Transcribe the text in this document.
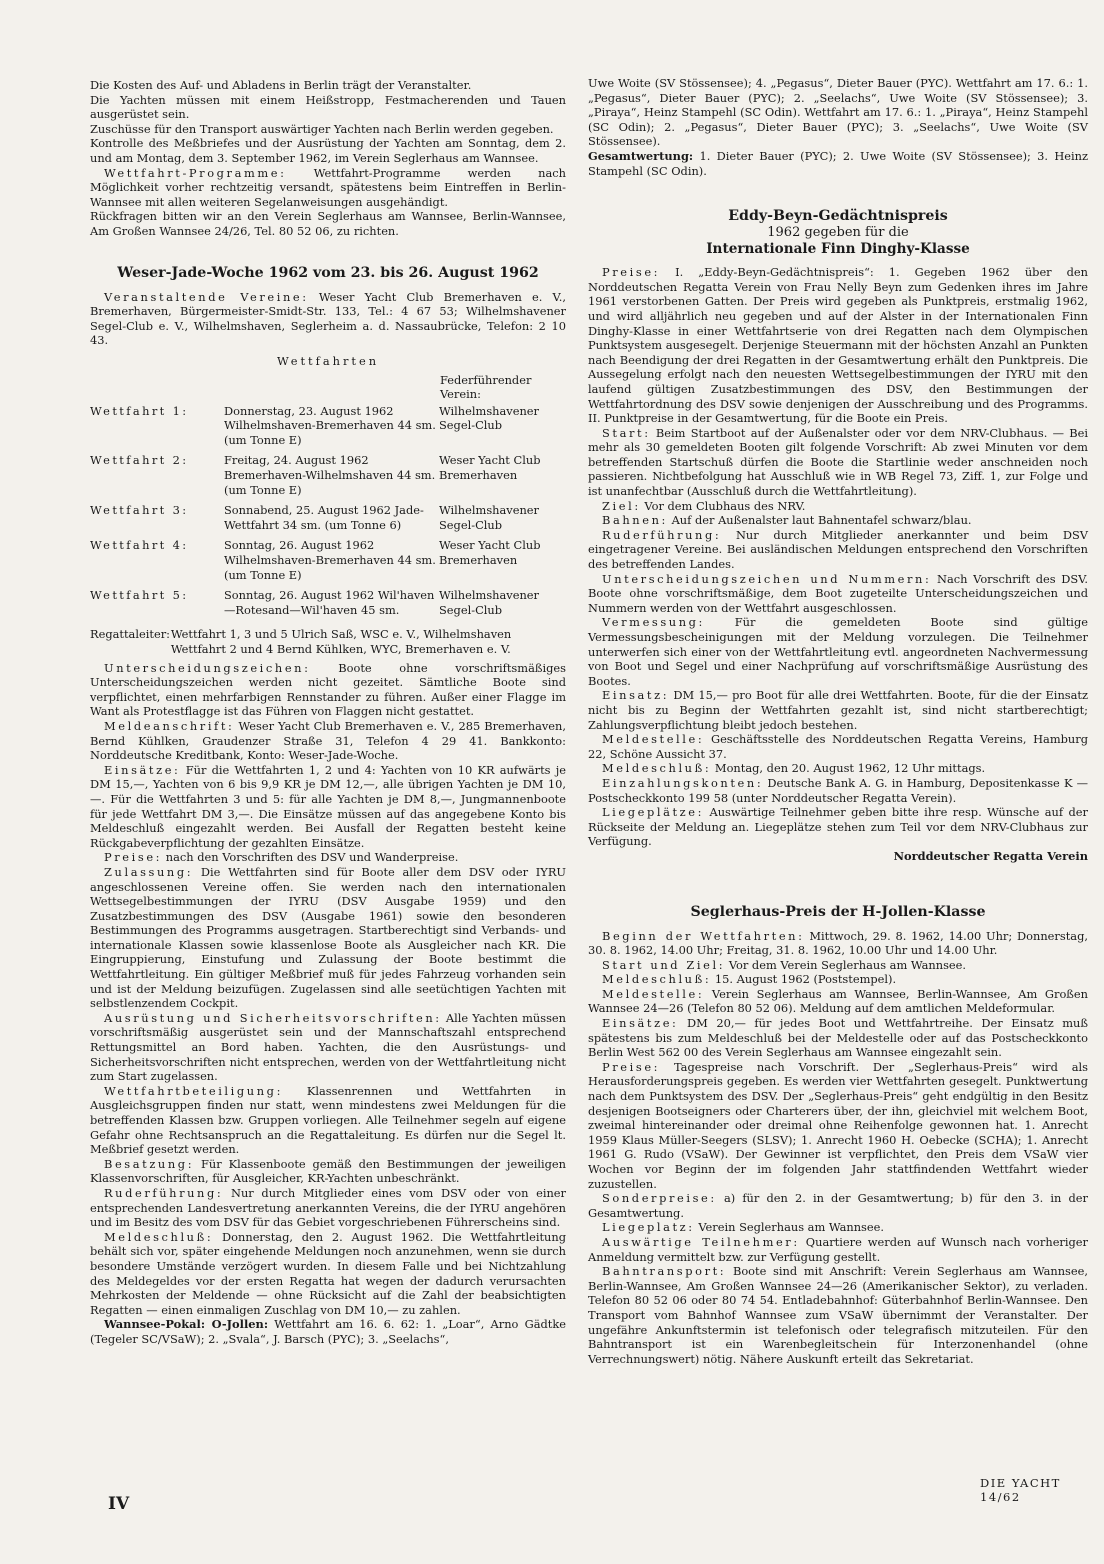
Die Kosten des Auf- und Abladens in Berlin trägt der Veranstalter.

Die Yachten müssen mit einem Heißstropp, Festmacherenden und Tauen ausgerüstet sein.

Zuschüsse für den Transport auswärtiger Yachten nach Berlin werden gegeben.

Kontrolle des Meßbriefes und der Ausrüstung der Yachten am Sonntag, dem 2. und am Montag, dem 3. September 1962, im Verein Seglerhaus am Wannsee.

Wettfahrt-Programme: Wettfahrt-Programme werden nach Möglichkeit vorher rechtzeitig versandt, spätestens beim Eintreffen in Berlin-Wannsee mit allen weiteren Segelanweisungen ausgehändigt.

Rückfragen bitten wir an den Verein Seglerhaus am Wannsee, Berlin-Wannsee, Am Großen Wannsee 24/26, Tel. 80 52 06, zu richten.

Weser-Jade-Woche 1962 vom 23. bis 26. August 1962

Veranstaltende Vereine: Weser Yacht Club Bremerhaven e. V., Bremerhaven, Bürgermeister-Smidt-Str. 133, Tel.: 4 67 53; Wilhelmshavener Segel-Club e. V., Wilhelmshaven, Seglerheim a. d. Nassaubrücke, Telefon: 2 10 43.

Wettfahrten
Federführender Verein:
Wettfahrt 1:	Donnerstag, 23. August 1962 Wilhelmshaven-Bremerhaven 44 sm. (um Tonne E)	Wilhelmshavener Segel-Club
Wettfahrt 2:	Freitag, 24. August 1962 Bremerhaven-Wilhelmshaven 44 sm. (um Tonne E)	Weser Yacht Club Bremerhaven
Wettfahrt 3:	Sonnabend, 25. August 1962 Jade-Wettfahrt 34 sm. (um Tonne 6)	Wilhelmshavener Segel-Club
Wettfahrt 4:	Sonntag, 26. August 1962 Wilhelmshaven-Bremerhaven 44 sm. (um Tonne E)	Weser Yacht Club Bremerhaven
Wettfahrt 5:	Sonntag, 26. August 1962 Wil'haven—Rotesand—Wil'haven 45 sm.	Wilhelmshavener Segel-Club
Regattaleiter: Wettfahrt 1, 3 und 5 Ulrich Saß, WSC e. V., Wilhelmshaven Wettfahrt 2 und 4 Bernd Kühlken, WYC, Bremerhaven e. V.

Unterscheidungszeichen: Boote ohne vorschriftsmäßiges Unterscheidungszeichen werden nicht gezeitet. Sämtliche Boote sind verpflichtet, einen mehrfarbigen Rennstander zu führen. Außer einer Flagge im Want als Protestflagge ist das Führen von Flaggen nicht gestattet.

Meldeanschrift: Weser Yacht Club Bremerhaven e. V., 285 Bremerhaven, Bernd Kühlken, Graudenzer Straße 31, Telefon 4 29 41. Bankkonto: Norddeutsche Kreditbank, Konto: Weser-Jade-Woche.

Einsätze: Für die Wettfahrten 1, 2 und 4: Yachten von 10 KR aufwärts je DM 15,—, Yachten von 6 bis 9,9 KR je DM 12,—, alle übrigen Yachten je DM 10,—. Für die Wettfahrten 3 und 5: für alle Yachten je DM 8,—, Jungmannenboote für jede Wettfahrt DM 3,—. Die Einsätze müssen auf das angegebene Konto bis Meldeschluß eingezahlt werden. Bei Ausfall der Regatten besteht keine Rückgabeverpflichtung der gezahlten Einsätze.

Preise: nach den Vorschriften des DSV und Wanderpreise.

Zulassung: Die Wettfahrten sind für Boote aller dem DSV oder IYRU angeschlossenen Vereine offen. Sie werden nach den internationalen Wettsegelbestimmungen der IYRU (DSV Ausgabe 1959) und den Zusatzbestimmungen des DSV (Ausgabe 1961) sowie den besonderen Bestimmungen des Programms ausgetragen. Startberechtigt sind Verbands- und internationale Klassen sowie klassenlose Boote als Ausgleicher nach KR. Die Eingruppierung, Einstufung und Zulassung der Boote bestimmt die Wettfahrtleitung. Ein gültiger Meßbrief muß für jedes Fahrzeug vorhanden sein und ist der Meldung beizufügen. Zugelassen sind alle seetüchtigen Yachten mit selbstlenzendem Cockpit.

Ausrüstung und Sicherheitsvorschriften: Alle Yachten müssen vorschriftsmäßig ausgerüstet sein und der Mannschaftszahl entsprechend Rettungsmittel an Bord haben. Yachten, die den Ausrüstungs- und Sicherheitsvorschriften nicht entsprechen, werden von der Wettfahrtleitung nicht zum Start zugelassen.

Wettfahrtbeteiligung: Klassenrennen und Wettfahrten in Ausgleichsgruppen finden nur statt, wenn mindestens zwei Meldungen für die betreffenden Klassen bzw. Gruppen vorliegen. Alle Teilnehmer segeln auf eigene Gefahr ohne Rechtsanspruch an die Regattaleitung. Es dürfen nur die Segel lt. Meßbrief gesetzt werden.

Besatzung: Für Klassenboote gemäß den Bestimmungen der jeweiligen Klassenvorschriften, für Ausgleicher, KR-Yachten unbeschränkt.

Ruderführung: Nur durch Mitglieder eines vom DSV oder von einer entsprechenden Landesvertretung anerkannten Vereins, die der IYRU angehören und im Besitz des vom DSV für das Gebiet vorgeschriebenen Führerscheins sind.

Meldeschluß: Donnerstag, den 2. August 1962. Die Wettfahrtleitung behält sich vor, später eingehende Meldungen noch anzunehmen, wenn sie durch besondere Umstände verzögert wurden. In diesem Falle und bei Nichtzahlung des Meldegeldes vor der ersten Regatta hat wegen der dadurch verursachten Mehrkosten der Meldende — ohne Rücksicht auf die Zahl der beabsichtigten Regatten — einen einmaligen Zuschlag von DM 10,— zu zahlen.

Wannsee-Pokal: O-Jollen: Wettfahrt am 16. 6. 62: 1. „Loar“, Arno Gädtke (Tegeler SC/VSaW); 2. „Svala“, J. Barsch (PYC); 3. „Seelachs“,

Uwe Woite (SV Stössensee); 4. „Pegasus“, Dieter Bauer (PYC). Wettfahrt am 17. 6.: 1. „Pegasus“, Dieter Bauer (PYC); 2. „Seelachs“, Uwe Woite (SV Stössensee); 3. „Piraya“, Heinz Stampehl (SC Odin). Wettfahrt am 17. 6.: 1. „Piraya“, Heinz Stampehl (SC Odin); 2. „Pegasus“, Dieter Bauer (PYC); 3. „Seelachs“, Uwe Woite (SV Stössensee).

Gesamtwertung: 1. Dieter Bauer (PYC); 2. Uwe Woite (SV Stössensee); 3. Heinz Stampehl (SC Odin).

Eddy-Beyn-Gedächtnispreis
1962 gegeben für die
Internationale Finn Dinghy-Klasse

Preise: I. „Eddy-Beyn-Gedächtnispreis“: 1. Gegeben 1962 über den Norddeutschen Regatta Verein von Frau Nelly Beyn zum Gedenken ihres im Jahre 1961 verstorbenen Gatten. Der Preis wird gegeben als Punktpreis, erstmalig 1962, und wird alljährlich neu gegeben und auf der Alster in der Internationalen Finn Dinghy-Klasse in einer Wettfahrtserie von drei Regatten nach dem Olympischen Punktsystem ausgesegelt. Derjenige Steuermann mit der höchsten Anzahl an Punkten nach Beendigung der drei Regatten in der Gesamtwertung erhält den Punktpreis. Die Aussegelung erfolgt nach den neuesten Wettsegelbestimmungen der IYRU mit den laufend gültigen Zusatzbestimmungen des DSV, den Bestimmungen der Wettfahrtordnung des DSV sowie denjenigen der Ausschreibung und des Programms. II. Punktpreise in der Gesamtwertung, für die Boote ein Preis.

Start: Beim Startboot auf der Außenalster oder vor dem NRV-Clubhaus. — Bei mehr als 30 gemeldeten Booten gilt folgende Vorschrift: Ab zwei Minuten vor dem betreffenden Startschuß dürfen die Boote die Startlinie weder anschneiden noch passieren. Nichtbefolgung hat Ausschluß wie in WB Regel 73, Ziff. 1, zur Folge und ist unanfechtbar (Ausschluß durch die Wettfahrtleitung).

Ziel: Vor dem Clubhaus des NRV.

Bahnen: Auf der Außenalster laut Bahnentafel schwarz/blau.

Ruderführung: Nur durch Mitglieder anerkannter und beim DSV eingetragener Vereine. Bei ausländischen Meldungen entsprechend den Vorschriften des betreffenden Landes.

Unterscheidungszeichen und Nummern: Nach Vorschrift des DSV. Boote ohne vorschriftsmäßige, dem Boot zugeteilte Unterscheidungszeichen und Nummern werden von der Wettfahrt ausgeschlossen.

Vermessung:	Für die gemeldeten Boote sind gültige Vermessungsbescheinigungen mit der Meldung vorzulegen. Die Teilnehmer unterwerfen sich einer von der Wettfahrtleitung evtl. angeordneten Nachvermessung von Boot und Segel und einer Nachprüfung auf vorschriftsmäßige Ausrüstung des Bootes.

Einsatz: DM 15,— pro Boot für alle drei Wettfahrten. Boote, für die der Einsatz nicht bis zu Beginn der Wettfahrten gezahlt ist, sind nicht startberechtigt; Zahlungsverpflichtung bleibt jedoch bestehen.

Meldestelle: Geschäftsstelle des Norddeutschen Regatta Vereins, Hamburg 22, Schöne Aussicht 37.

Meldeschluß: Montag, den 20. August 1962, 12 Uhr mittags.

Einzahlungskonten: Deutsche Bank A. G. in Hamburg, Depositenkasse K — Postscheckkonto 199 58 (unter Norddeutscher Regatta Verein).

Liegeplätze: Auswärtige Teilnehmer geben bitte ihre resp. Wünsche auf der Rückseite der Meldung an. Liegeplätze stehen zum Teil vor dem NRV-Clubhaus zur Verfügung.

Norddeutscher Regatta Verein
Seglerhaus-Preis der H-Jollen-Klasse

Beginn der Wettfahrten: Mittwoch, 29. 8. 1962, 14.00 Uhr; Donnerstag, 30. 8. 1962, 14.00 Uhr; Freitag, 31. 8. 1962, 10.00 Uhr und 14.00 Uhr.

Start und Ziel: Vor dem Verein Seglerhaus am Wannsee.

Meldeschluß: 15. August 1962 (Poststempel).

Meldestelle: Verein Seglerhaus am Wannsee, Berlin-Wannsee, Am Großen Wannsee 24—26 (Telefon 80 52 06). Meldung auf dem amtlichen Meldeformular.

Einsätze: DM 20,— für jedes Boot und Wettfahrtreihe. Der Einsatz muß spätestens bis zum Meldeschluß bei der Meldestelle oder auf das Postscheckkonto Berlin West 562 00 des Verein Seglerhaus am Wannsee eingezahlt sein.

Preise: Tagespreise nach Vorschrift. Der „Seglerhaus-Preis“ wird als Herausforderungspreis gegeben. Es werden vier Wettfahrten gesegelt. Punktwertung nach dem Punktsystem des DSV. Der „Seglerhaus-Preis“ geht endgültig in den Besitz desjenigen Bootseigners oder Charterers über, der ihn, gleichviel mit welchem Boot, zweimal hintereinander oder dreimal ohne Reihenfolge gewonnen hat. 1. Anrecht 1959 Klaus Müller-Seegers (SLSV); 1. Anrecht 1960 H. Oebecke (SCHA); 1. Anrecht 1961 G. Rudo (VSaW). Der Gewinner ist verpflichtet, den Preis dem VSaW vier Wochen vor Beginn der im folgenden Jahr stattfindenden Wettfahrt wieder zuzustellen.

Sonderpreise: a) für den 2. in der Gesamtwertung; b) für den 3. in der Gesamtwertung.

Liegeplatz: Verein Seglerhaus am Wannsee.

Auswärtige Teilnehmer: Quartiere werden auf Wunsch nach vorheriger Anmeldung vermittelt bzw. zur Verfügung gestellt.

Bahntransport: Boote sind mit Anschrift: Verein Seglerhaus am Wannsee, Berlin-Wannsee, Am Großen Wannsee 24—26 (Amerikanischer Sektor), zu verladen. Telefon 80 52 06 oder 80 74 54. Entladebahnhof: Güterbahnhof Berlin-Wannsee. Den Transport vom Bahnhof Wannsee zum VSaW übernimmt der Veranstalter. Der ungefähre Ankunftstermin ist telefonisch oder telegrafisch mitzuteilen. Für den Bahntransport ist ein Warenbegleitschein für Interzonenhandel (ohne Verrechnungswert) nötig. Nähere Auskunft erteilt das Sekretariat.

IV
DIE YACHT 14/62
